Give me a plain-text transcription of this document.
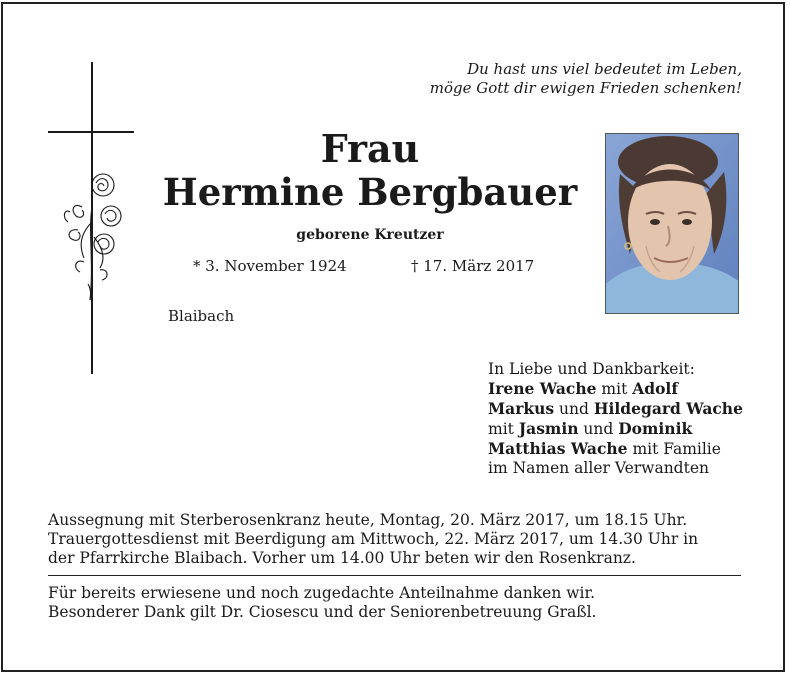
Du hast uns viel bedeutet im Leben,
möge Gott dir ewigen Frieden schenken!
Frau
Hermine Bergbauer
geborene Kreutzer
* 3. November 1924	† 17. März 2017
Blaibach
In Liebe und Dankbarkeit:
Irene Wache mit Adolf
Markus und Hildegard Wache
mit Jasmin und Dominik
Matthias Wache mit Familie
im Namen aller Verwandten
Aussegnung mit Sterberosenkranz heute, Montag, 20. März 2017, um 18.15 Uhr.
Trauergottesdienst mit Beerdigung am Mittwoch, 22. März 2017, um 14.30 Uhr in
der Pfarrkirche Blaibach. Vorher um 14.00 Uhr beten wir den Rosenkranz.
Für bereits erwiesene und noch zugedachte Anteilnahme danken wir.
Besonderer Dank gilt Dr. Ciosescu und der Seniorenbetreuung Graßl.
